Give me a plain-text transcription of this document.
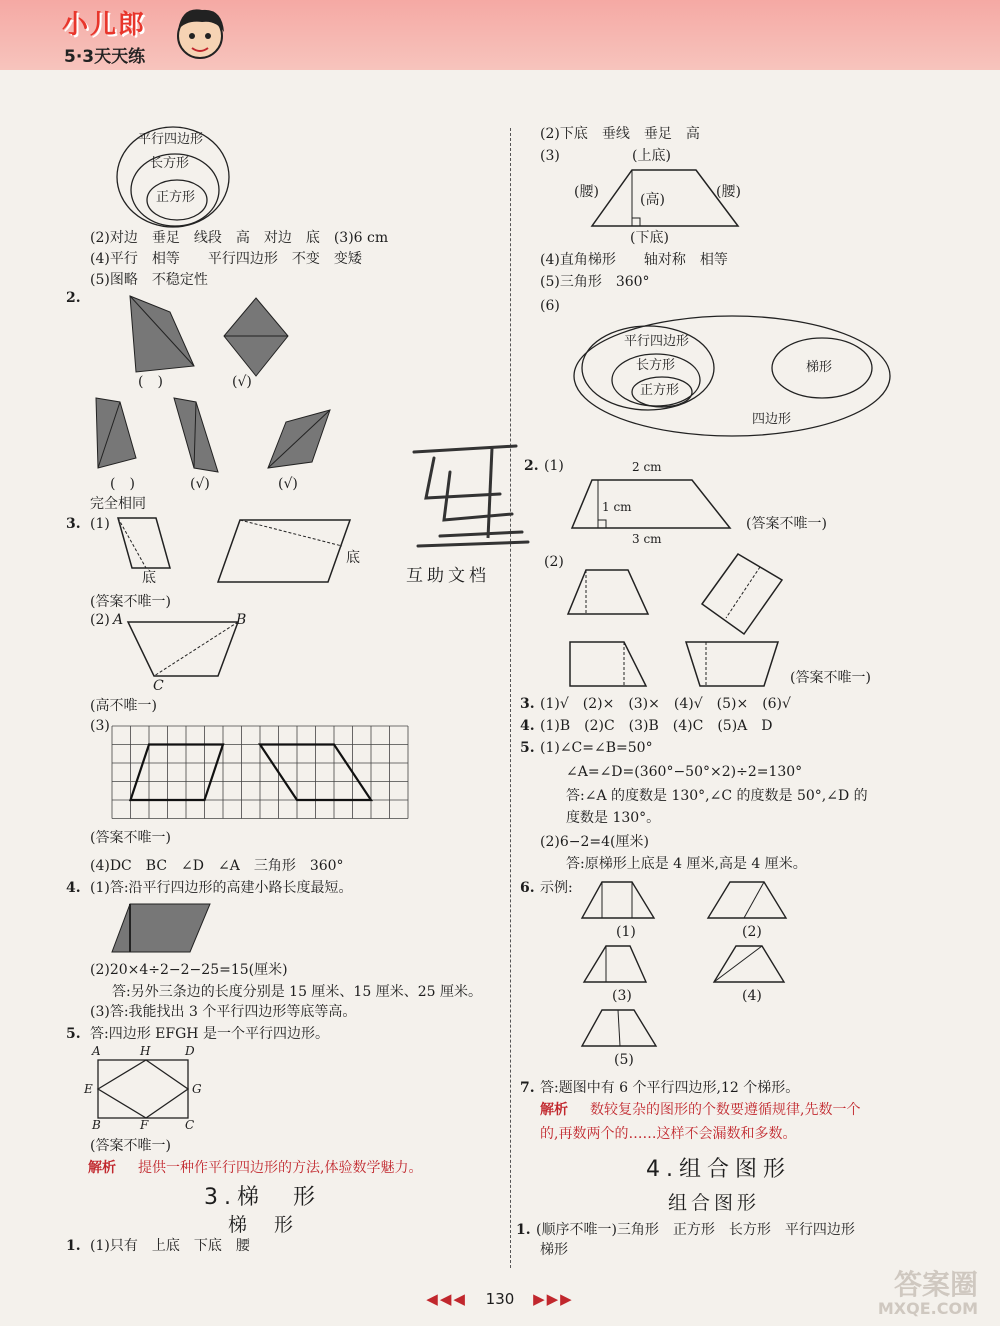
小儿郎
5·3天天练
平行四边形
长方形
正方形
(2)对边　垂足　线段　高　对边　底　(3)6 cm
(4)平行　相等　　平行四边形　不变　变矮
(5)图略　不稳定性
2.
(　)	(√)
(　)	(√)	(√)
完全相同
3. (1)
底
底
(答案不唯一)
(2) A	B
C
(高不唯一)
(3)
(答案不唯一)
(4)DC　BC　∠D　∠A　三角形　360°
4. (1)答:沿平行四边形的高建小路长度最短。
(2)20×4÷2−2−25=15(厘米)
答:另外三条边的长度分别是 15 厘米、15 厘米、25 厘米。
(3)答:我能找出 3 个平行四边形等底等高。
5. 答:四边形 EFGH 是一个平行四边形。
A	H	D
E	G
B	F	C
(答案不唯一)
解析 提供一种作平行四边形的方法,体验数学魅力。
3.梯　形
梯　形
1. (1)只有　上底　下底　腰
互助文档
(2)下底　垂线　垂足　高
(3)	(上底)
(腰)	(高)	(腰)
(下底)
(4)直角梯形　　轴对称　相等
(5)三角形　360°
(6)
平行四边形
长方形
正方形
梯形
四边形
2. (1)	2 cm
1 cm
3 cm
(答案不唯一)
(2)
(答案不唯一)
3. (1)√　(2)×　(3)×　(4)√　(5)×　(6)√
4. (1)B　(2)C　(3)B　(4)C　(5)A　D
5. (1)∠C=∠B=50°
∠A=∠D=(360°−50°×2)÷2=130°
答:∠A 的度数是 130°,∠C 的度数是 50°,∠D 的
度数是 130°。
(2)6−2=4(厘米)
答:原梯形上底是 4 厘米,高是 4 厘米。
6. 示例:
(1)	(2)
(3)	(4)
(5)
7. 答:题图中有 6 个平行四边形,12 个梯形。
解析 数较复杂的图形的个数要遵循规律,先数一个
的,再数两个的……这样不会漏数和多数。
4.组合图形
组合图形
1. (顺序不唯一)三角形　正方形　长方形　平行四边形
梯形
◀◀◀ 130 ▶▶▶	答案圈
MXQE.COM
